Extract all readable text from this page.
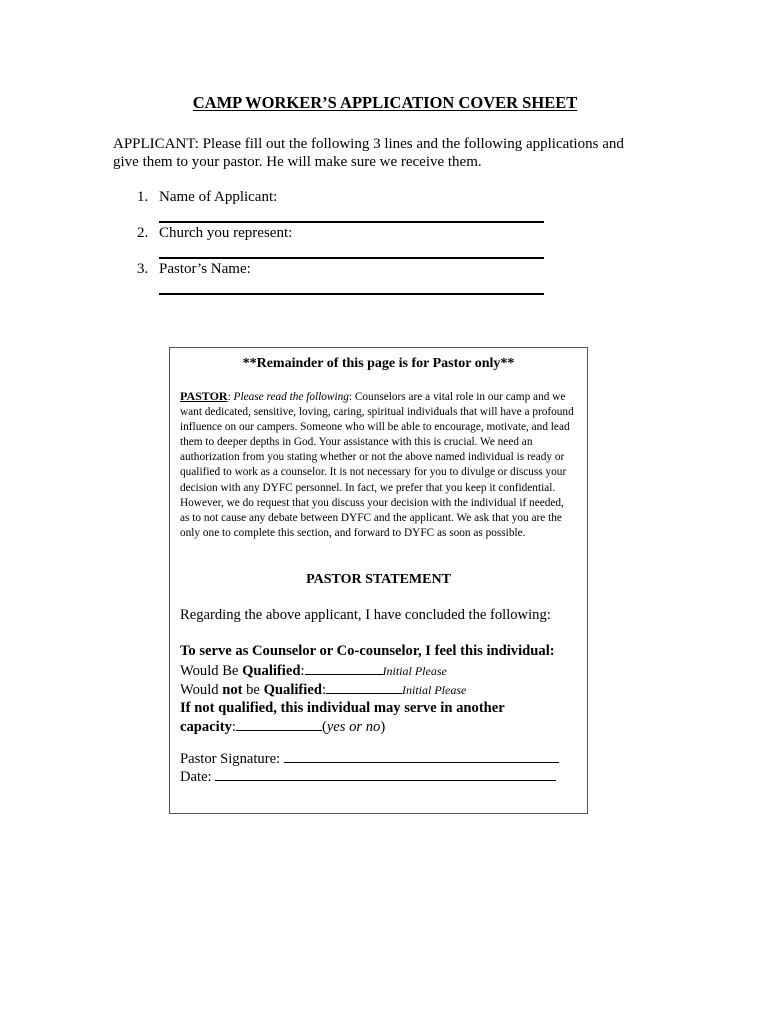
CAMP WORKER’S APPLICATION COVER SHEET
APPLICANT: Please fill out the following 3 lines and the following applications and give them to your pastor. He will make sure we receive them.
1. Name of Applicant:
2. Church you represent:
3. Pastor’s Name:
**Remainder of this page is for Pastor only**
PASTOR: Please read the following: Counselors are a vital role in our camp and we want dedicated, sensitive, loving, caring, spiritual individuals that will have a profound influence on our campers. Someone who will be able to encourage, motivate, and lead them to deeper depths in God. Your assistance with this is crucial. We need an authorization from you stating whether or not the above named individual is ready or qualified to work as a counselor. It is not necessary for you to divulge or discuss your decision with any DYFC personnel. In fact, we prefer that you keep it confidential. However, we do request that you discuss your decision with the individual if needed, as to not cause any debate between DYFC and the applicant. We ask that you are the only one to complete this section, and forward to DYFC as soon as possible.
PASTOR STATEMENT
Regarding the above applicant, I have concluded the following:
To serve as Counselor or Co-counselor, I feel this individual:
Would Be Qualified:	Initial Please
Would not be Qualified:	Initial Please
If not qualified, this individual may serve in another
capacity:	(yes or no)
Pastor Signature:
Date:
